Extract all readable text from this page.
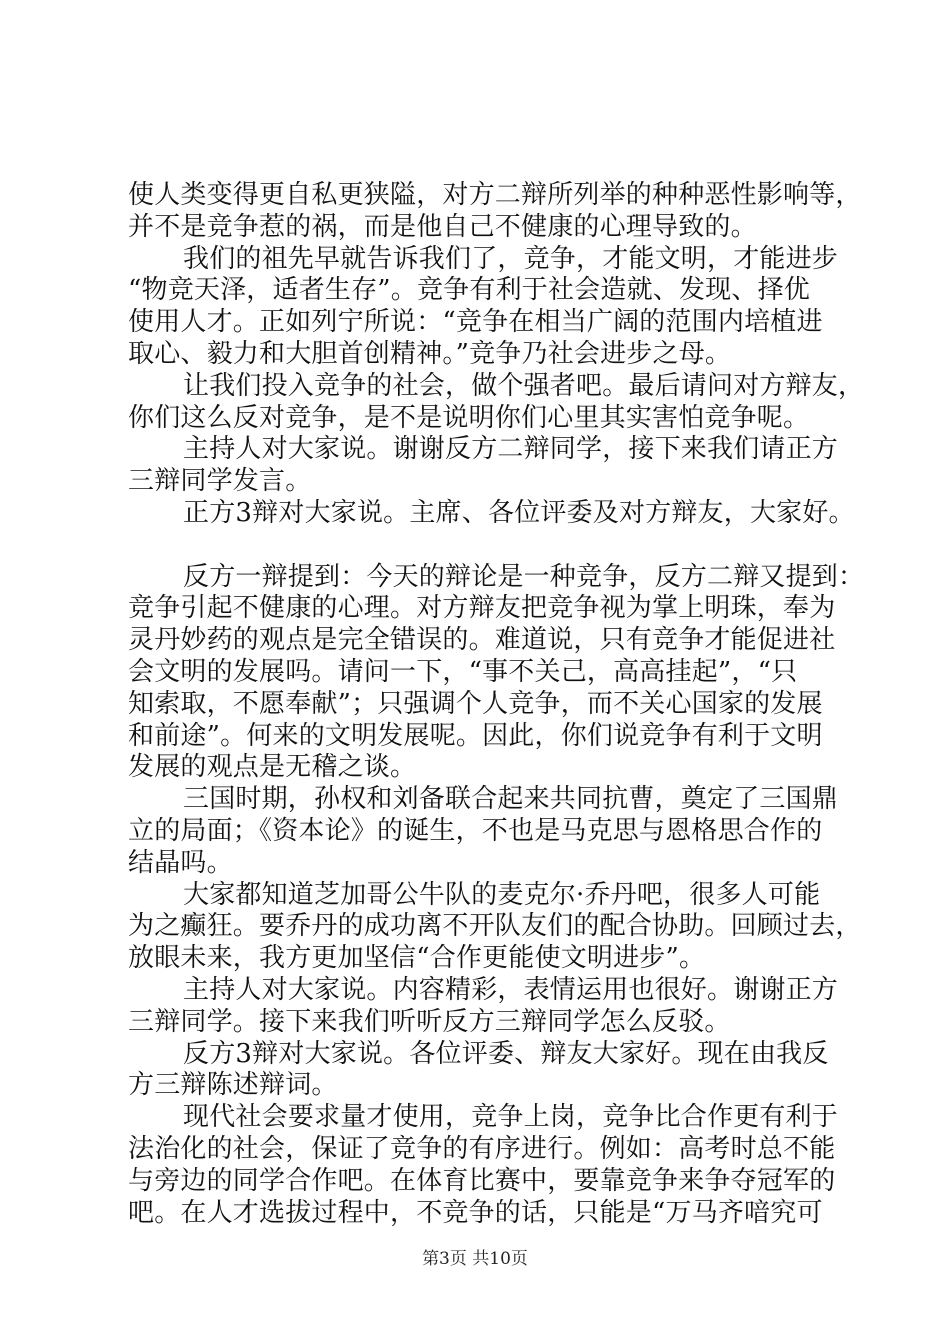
使人类变得更自私更狭隘，对方二辩所列举的种种恶性影响等，
并不是竞争惹的祸，而是他自己不健康的心理导致的。
我们的祖先早就告诉我们了，竞争，才能文明，才能进步
“物竞天泽，适者生存”。竞争有利于社会造就、发现、择优
使用人才。正如列宁所说：“竞争在相当广阔的范围内培植进
取心、毅力和大胆首创精神。”竞争乃社会进步之母。
让我们投入竞争的社会，做个强者吧。最后请问对方辩友，
你们这么反对竞争，是不是说明你们心里其实害怕竞争呢。
主持人对大家说。谢谢反方二辩同学，接下来我们请正方
三辩同学发言。
正方3辩对大家说。主席、各位评委及对方辩友，大家好。
反方一辩提到：今天的辩论是一种竞争，反方二辩又提到：
竞争引起不健康的心理。对方辩友把竞争视为掌上明珠，奉为
灵丹妙药的观点是完全错误的。难道说，只有竞争才能促进社
会文明的发展吗。请问一下，“事不关己，高高挂起”，“只
知索取，不愿奉献”；只强调个人竞争，而不关心国家的发展
和前途”。何来的文明发展呢。因此，你们说竞争有利于文明
发展的观点是无稽之谈。
三国时期，孙权和刘备联合起来共同抗曹，奠定了三国鼎
立的局面；《资本论》的诞生，不也是马克思与恩格思合作的
结晶吗。
大家都知道芝加哥公牛队的麦克尔·乔丹吧，很多人可能
为之癫狂。要乔丹的成功离不开队友们的配合协助。回顾过去，
放眼未来，我方更加坚信“合作更能使文明进步”。
主持人对大家说。内容精彩，表情运用也很好。谢谢正方
三辩同学。接下来我们听听反方三辩同学怎么反驳。
反方3辩对大家说。各位评委、辩友大家好。现在由我反
方三辩陈述辩词。
现代社会要求量才使用，竞争上岗，竞争比合作更有利于
法治化的社会，保证了竞争的有序进行。例如：高考时总不能
与旁边的同学合作吧。在体育比赛中，要靠竞争来争夺冠军的
吧。在人才选拔过程中，不竞争的话，只能是“万马齐喑究可
第3页 共10页
